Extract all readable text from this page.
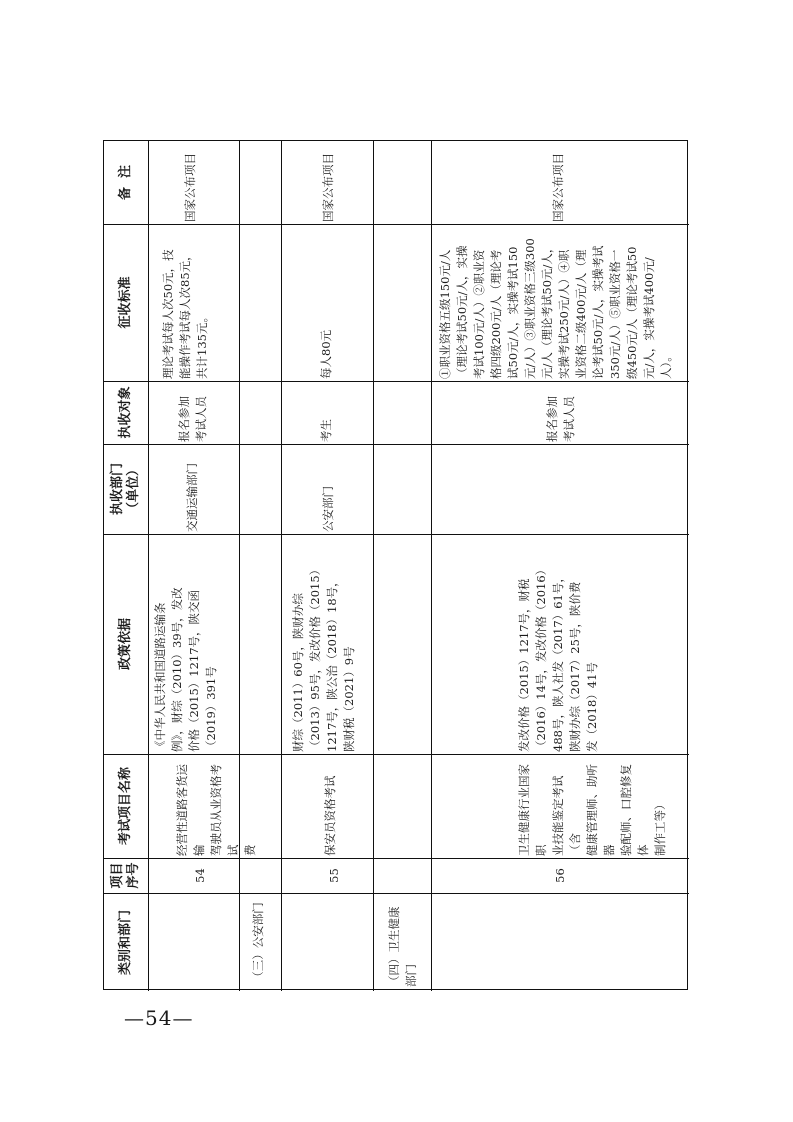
类别和部门
项目
序号
考试项目名称
政策依据
执收部门
（单位）
执收对象
征收标准
备  注
54
经营性道路客货运输
驾驶员从业资格考试
费
《中华人民共和国道路运输条
例》，财综（2010）39号，发改
价格（2015）1217号，陕交函
（2019）391号
交通运输部门
报名参加
考试人员
理论考试每人次50元，技
能操作考试每人次85元，
共计135元。
国家公布项目
（三）公安部门
55
保安员资格考试
财综（2011）60号，陕财办综
（2013）95号，发改价格（2015）
1217号，陕公治（2018）18号，
陕财税（2021）9号
公安部门
考生
每人80元
国家公布项目
（四）卫生健康
部门
56
卫生健康行业国家职
业技能鉴定考试（含
健康管理师、助听器
验配师、口腔修复体
制作工等）
发改价格（2015）1217号，财税
（2016）14号，发改价格（2016）
488号，陕人社发（2017）61号，
陕财办综（2017）25号，陕价费
发（2018）41号
报名参加
考试人员
①职业资格五级150元/人
（理论考试50元/人，实操
考试100元/人）②职业资
格四级200元/人（理论考
试50元/人，实操考试150
元/人）③职业资格三级300
元/人（理论考试50元/人，
实操考试250元/人）④职
业资格二级400元/人（理
论考试50元/人，实操考试
350元/人）⑤职业资格一
级450元/人（理论考试50
元/人，实操考试400元/
人）。
国家公布项目
—54—
